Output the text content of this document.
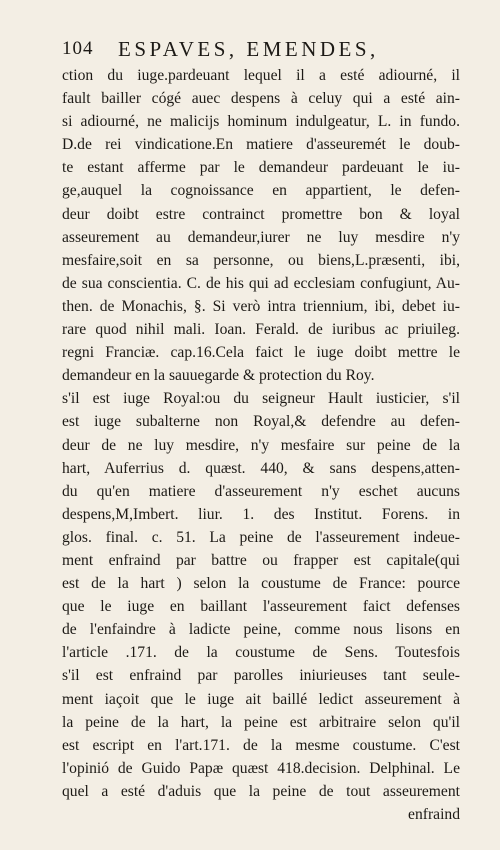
104 ESPAVES, EMENDES,
ction du iuge.pardeuant lequel il a esté adiourné, il
fault bailler cógé auec despens à celuy qui a esté ain-
si adiourné, ne malicijs hominum indulgeatur, L. in fundo.
D.de rei vindicatione.En matiere d'asseuremét le doub-
te estant afferme par le demandeur pardeuant le iu-
ge,auquel la cognoissance en appartient, le defen-
deur doibt estre contrainct promettre bon & loyal
asseurement au demandeur,iurer ne luy mesdire n'y
mesfaire,soit en sa personne, ou biens,L.præsenti, ibi,
de sua conscientia. C. de his qui ad ecclesiam confugiunt, Au-
then. de Monachis, §. Si verò intra triennium, ibi, debet iu-
rare quod nihil mali. Ioan. Ferald. de iuribus ac priuileg.
regni Franciæ. cap.16.Cela faict le iuge doibt mettre le
demandeur en la sauuegarde & protection du Roy.
s'il est iuge Royal:ou du seigneur Hault iusticier, s'il
est iuge subalterne non Royal,& defendre au defen-
deur de ne luy mesdire, n'y mesfaire sur peine de la
hart, Auferrius d. quæst. 440, & sans despens,atten-
du qu'en matiere d'asseurement n'y eschet aucuns
despens,M,Imbert. liur. 1. des Institut. Forens. in
glos. final. c. 51. La peine de l'asseurement indeue-
ment enfraind par battre ou frapper est capitale(qui
est de la hart ) selon la coustume de France: pource
que le iuge en baillant l'asseurement faict defenses
de l'enfaindre à ladicte peine, comme nous lisons en
l'article .171. de la coustume de Sens. Toutesfois
s'il est enfraind par parolles iniurieuses tant seule-
ment iaçoit que le iuge ait baillé ledict asseurement à
la peine de la hart, la peine est arbitraire selon qu'il
est escript en l'art.171. de la mesme coustume. C'est
l'opinió de Guido Papæ quæst 418.decision. Delphinal. Le
quel a esté d'aduis que la peine de tout asseurement
enfraind
